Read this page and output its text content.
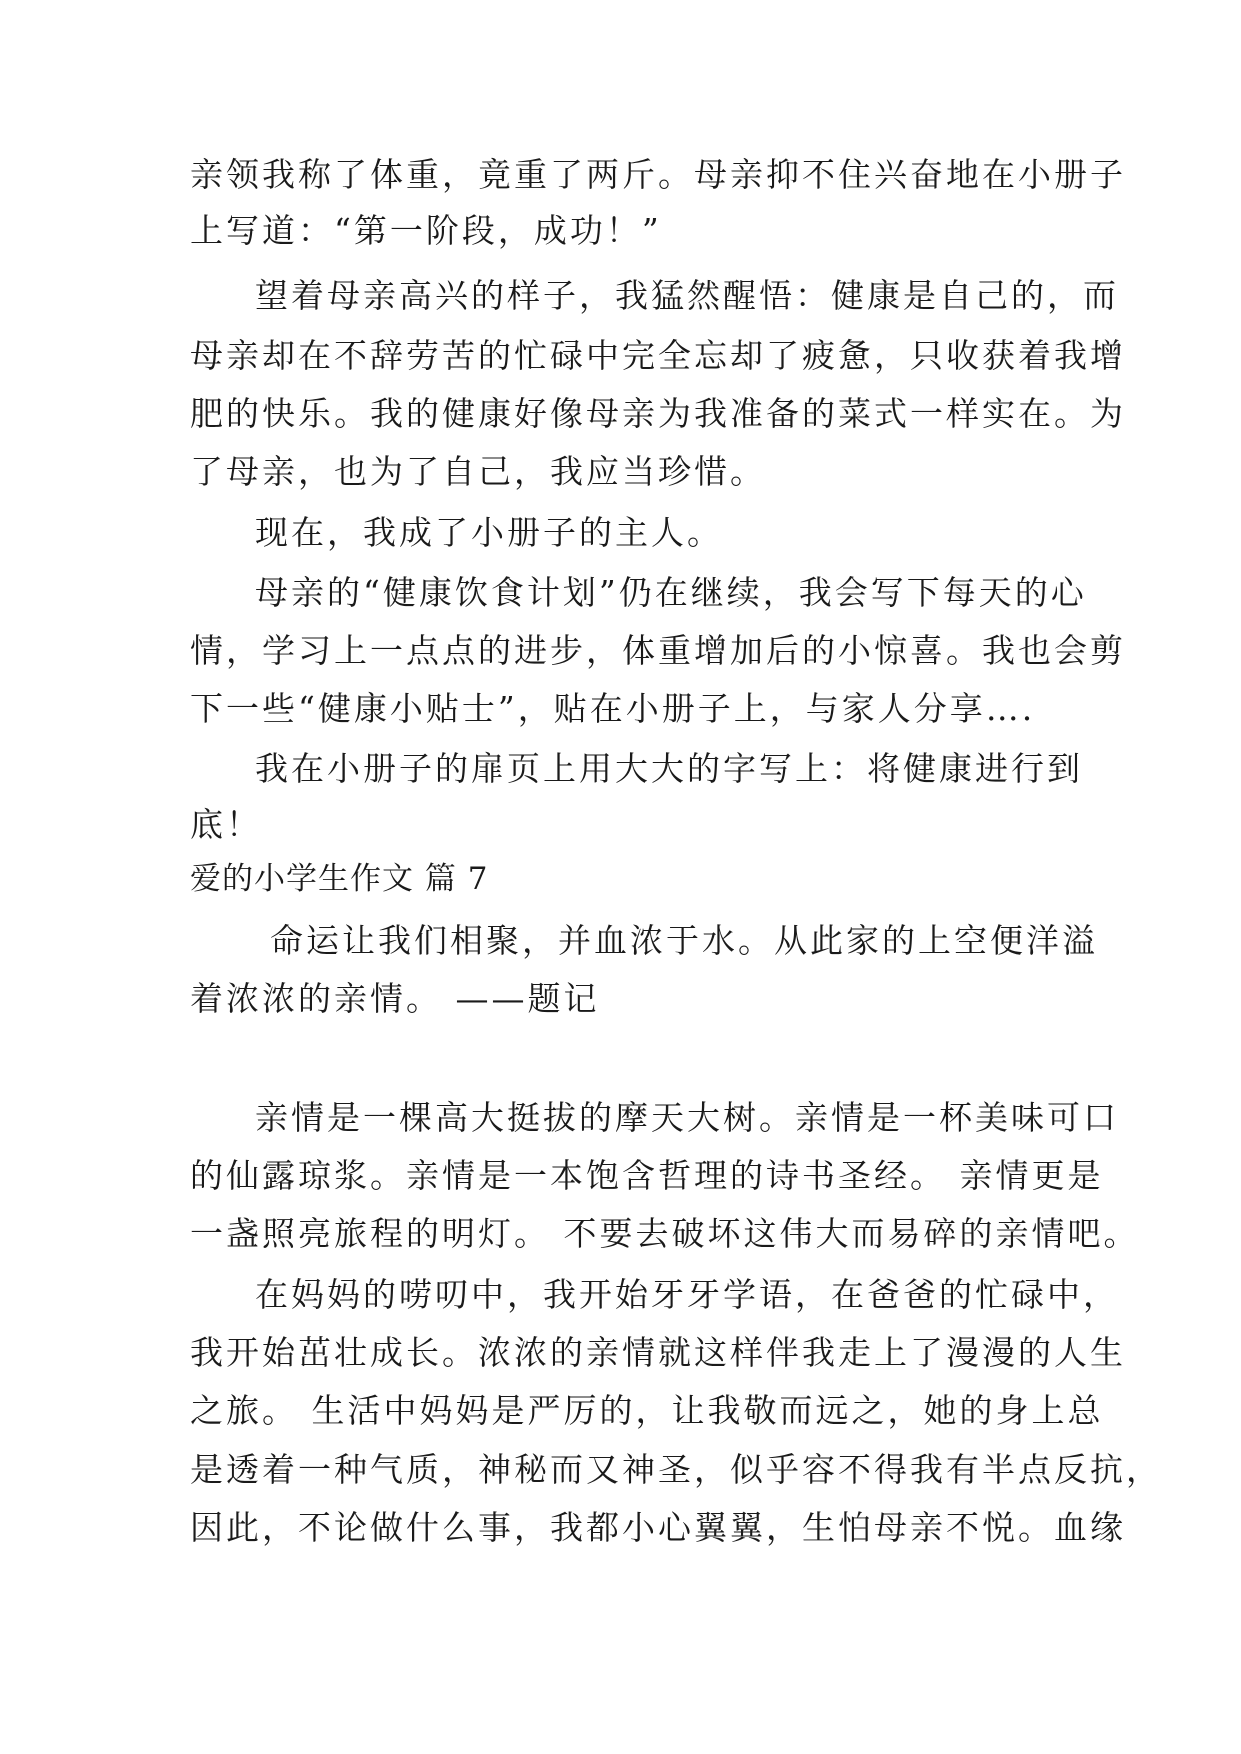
亲领我称了体重，竟重了两斤。母亲抑不住兴奋地在小册子
上写道：“第一阶段，成功！”
望着母亲高兴的样子，我猛然醒悟：健康是自己的，而
母亲却在不辞劳苦的忙碌中完全忘却了疲惫，只收获着我增
肥的快乐。我的健康好像母亲为我准备的菜式一样实在。为
了母亲，也为了自己，我应当珍惜。
现在，我成了小册子的主人。
母亲的“健康饮食计划”仍在继续，我会写下每天的心
情，学习上一点点的进步，体重增加后的小惊喜。我也会剪
下一些“健康小贴士”，贴在小册子上，与家人分享….
我在小册子的扉页上用大大的字写上：将健康进行到
底！
爱的小学生作文 篇 7
命运让我们相聚，并血浓于水。从此家的上空便洋溢
着浓浓的亲情。 ——题记
亲情是一棵高大挺拔的摩天大树。亲情是一杯美味可口
的仙露琼浆。亲情是一本饱含哲理的诗书圣经。 亲情更是
一盏照亮旅程的明灯。 不要去破坏这伟大而易碎的亲情吧。
在妈妈的唠叨中，我开始牙牙学语，在爸爸的忙碌中，
我开始茁壮成长。浓浓的亲情就这样伴我走上了漫漫的人生
之旅。 生活中妈妈是严厉的，让我敬而远之，她的身上总
是透着一种气质，神秘而又神圣，似乎容不得我有半点反抗，
因此，不论做什么事，我都小心翼翼，生怕母亲不悦。血缘
